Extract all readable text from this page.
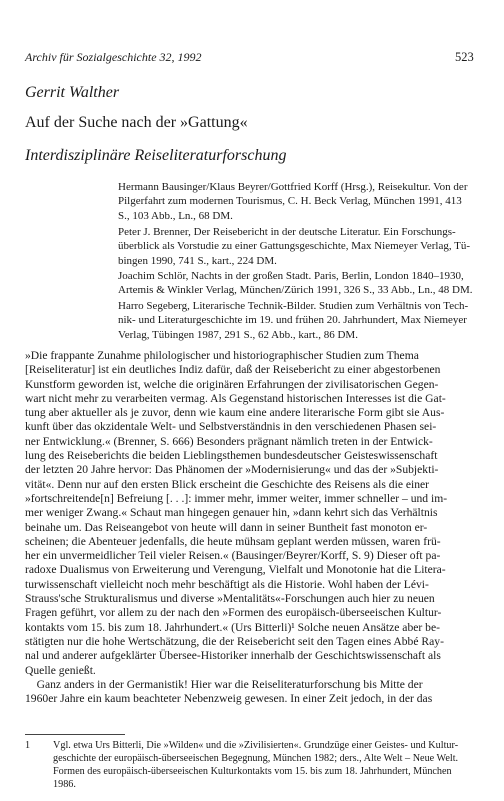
Archiv für Sozialgeschichte 32, 1992	523
Gerrit Walther
Auf der Suche nach der »Gattung«
Interdisziplinäre Reiseliteraturforschung
Hermann Bausinger/Klaus Beyrer/Gottfried Korff (Hrsg.), Reisekultur. Von der
Pilgerfahrt zum modernen Tourismus, C. H. Beck Verlag, München 1991, 413
S., 103 Abb., Ln., 68 DM.
Peter J. Brenner, Der Reisebericht in der deutsche Literatur. Ein Forschungs-
überblick als Vorstudie zu einer Gattungsgeschichte, Max Niemeyer Verlag, Tü-
bingen 1990, 741 S., kart., 224 DM.
Joachim Schlör, Nachts in der großen Stadt. Paris, Berlin, London 1840–1930,
Artemis & Winkler Verlag, München/Zürich 1991, 326 S., 33 Abb., Ln., 48 DM.
Harro Segeberg, Literarische Technik-Bilder. Studien zum Verhältnis von Tech-
nik- und Literaturgeschichte im 19. und frühen 20. Jahrhundert, Max Niemeyer
Verlag, Tübingen 1987, 291 S., 62 Abb., kart., 86 DM.
»Die frappante Zunahme philologischer und historiographischer Studien zum Thema
[Reiseliteratur] ist ein deutliches Indiz dafür, daß der Reisebericht zu einer abgestorbenen
Kunstform geworden ist, welche die originären Erfahrungen der zivilisatorischen Gegen-
wart nicht mehr zu verarbeiten vermag. Als Gegenstand historischen Interesses ist die Gat-
tung aber aktueller als je zuvor, denn wie kaum eine andere literarische Form gibt sie Aus-
kunft über das okzidentale Welt- und Selbstverständnis in den verschiedenen Phasen sei-
ner Entwicklung.« (Brenner, S. 666) Besonders prägnant nämlich treten in der Entwick-
lung des Reiseberichts die beiden Lieblingsthemen bundesdeutscher Geisteswissenschaft
der letzten 20 Jahre hervor: Das Phänomen der »Modernisierung« und das der »Subjekti-
vität«. Denn nur auf den ersten Blick erscheint die Geschichte des Reisens als die einer
»fortschreitende[n] Befreiung [. . .]: immer mehr, immer weiter, immer schneller – und im-
mer weniger Zwang.« Schaut man hingegen genauer hin, »dann kehrt sich das Verhältnis
beinahe um. Das Reiseangebot von heute will dann in seiner Buntheit fast monoton er-
scheinen; die Abenteuer jedenfalls, die heute mühsam geplant werden müssen, waren frü-
her ein unvermeidlicher Teil vieler Reisen.« (Bausinger/Beyrer/Korff, S. 9) Dieser oft pa-
radoxe Dualismus von Erweiterung und Verengung, Vielfalt und Monotonie hat die Litera-
turwissenschaft vielleicht noch mehr beschäftigt als die Historie. Wohl haben der Lévi-
Strauss'sche Strukturalismus und diverse »Mentalitäts«-Forschungen auch hier zu neuen
Fragen geführt, vor allem zu der nach den »Formen des europäisch-überseeischen Kultur-
kontakts vom 15. bis zum 18. Jahrhundert.« (Urs Bitterli)¹ Solche neuen Ansätze aber be-
stätigten nur die hohe Wertschätzung, die der Reisebericht seit den Tagen eines Abbé Ray-
nal und anderer aufgeklärter Übersee-Historiker innerhalb der Geschichtswissenschaft als
Quelle genießt.
Ganz anders in der Germanistik! Hier war die Reiseliteraturforschung bis Mitte der
1960er Jahre ein kaum beachteter Nebenzweig gewesen. In einer Zeit jedoch, in der das
1 Vgl. etwa Urs Bitterli, Die »Wilden« und die »Zivilisierten«. Grundzüge einer Geistes- und Kultur-
geschichte der europäisch-überseeischen Begegnung, München 1982; ders., Alte Welt – Neue Welt.
Formen des europäisch-überseeischen Kulturkontakts vom 15. bis zum 18. Jahrhundert, München
1986.
